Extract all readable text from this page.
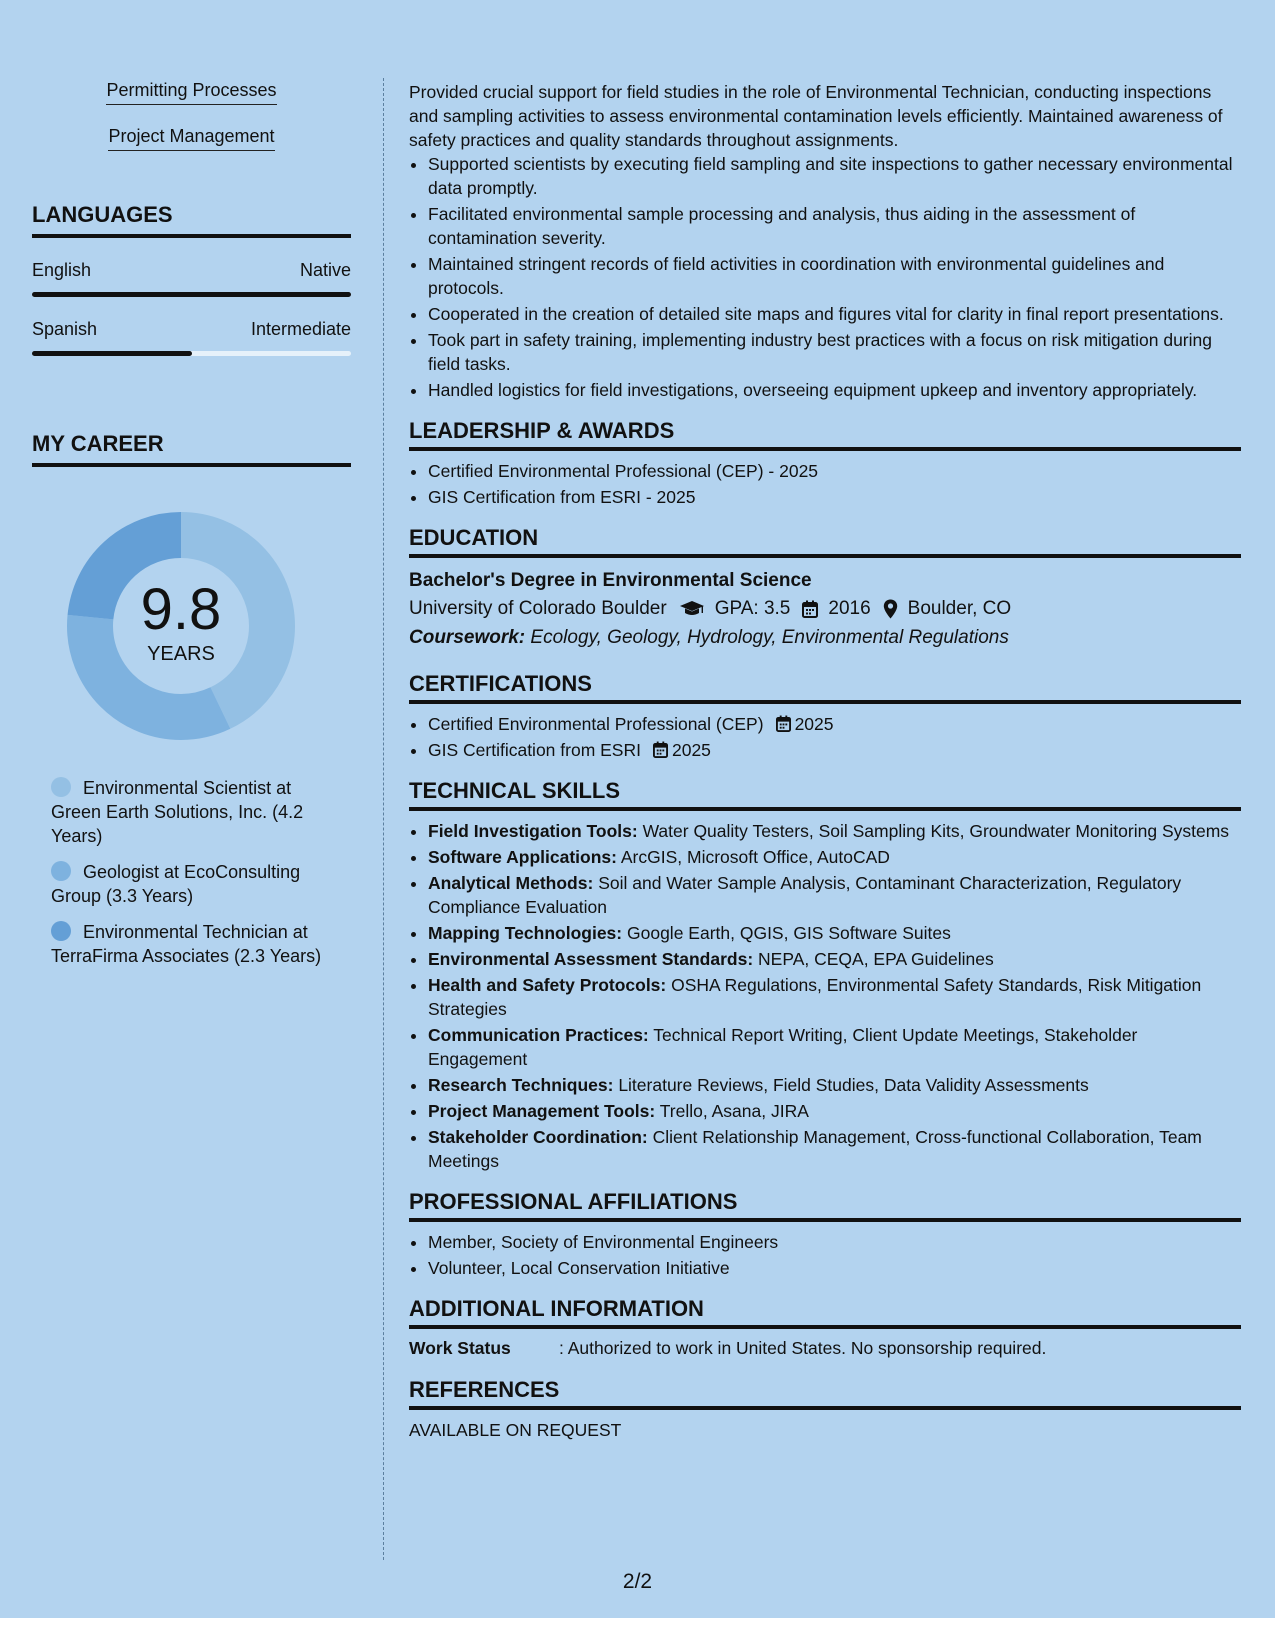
Permitting Processes
Project Management
LANGUAGES
English	Native
Spanish	Intermediate
MY CAREER
9.8
YEARS
Environmental Scientist at Green Earth Solutions, Inc. (4.2 Years)
Geologist at EcoConsulting Group (3.3 Years)
Environmental Technician at TerraFirma Associates (2.3 Years)

Provided crucial support for field studies in the role of Environmental Technician, conducting inspections and sampling activities to assess environmental contamination levels efficiently. Maintained awareness of safety practices and quality standards throughout assignments.

• Supported scientists by executing field sampling and site inspections to gather necessary environmental data promptly.
• Facilitated environmental sample processing and analysis, thus aiding in the assessment of contamination severity.
• Maintained stringent records of field activities in coordination with environmental guidelines and protocols.
• Cooperated in the creation of detailed site maps and figures vital for clarity in final report presentations.
• Took part in safety training, implementing industry best practices with a focus on risk mitigation during field tasks.
• Handled logistics for field investigations, overseeing equipment upkeep and inventory appropriately.
LEADERSHIP & AWARDS
• Certified Environmental Professional (CEP) - 2025
• GIS Certification from ESRI - 2025
EDUCATION
Bachelor's Degree in Environmental Science
University of Colorado Boulder	GPA: 3.5 2016 Boulder, CO
Coursework: Ecology, Geology, Hydrology, Environmental Regulations
CERTIFICATIONS
• Certified Environmental Professional (CEP) 2025
• GIS Certification from ESRI 2025
TECHNICAL SKILLS
• Field Investigation Tools: Water Quality Testers, Soil Sampling Kits, Groundwater Monitoring Systems
• Software Applications: ArcGIS, Microsoft Office, AutoCAD
• Analytical Methods: Soil and Water Sample Analysis, Contaminant Characterization, Regulatory Compliance Evaluation
• Mapping Technologies: Google Earth, QGIS, GIS Software Suites
• Environmental Assessment Standards: NEPA, CEQA, EPA Guidelines
• Health and Safety Protocols: OSHA Regulations, Environmental Safety Standards, Risk Mitigation Strategies
• Communication Practices: Technical Report Writing, Client Update Meetings, Stakeholder Engagement
• Research Techniques: Literature Reviews, Field Studies, Data Validity Assessments
• Project Management Tools: Trello, Asana, JIRA
• Stakeholder Coordination: Client Relationship Management, Cross-functional Collaboration, Team Meetings
PROFESSIONAL AFFILIATIONS
• Member, Society of Environmental Engineers
• Volunteer, Local Conservation Initiative
ADDITIONAL INFORMATION
Work Status	: Authorized to work in United States. No sponsorship required.
REFERENCES
AVAILABLE ON REQUEST
2/2
